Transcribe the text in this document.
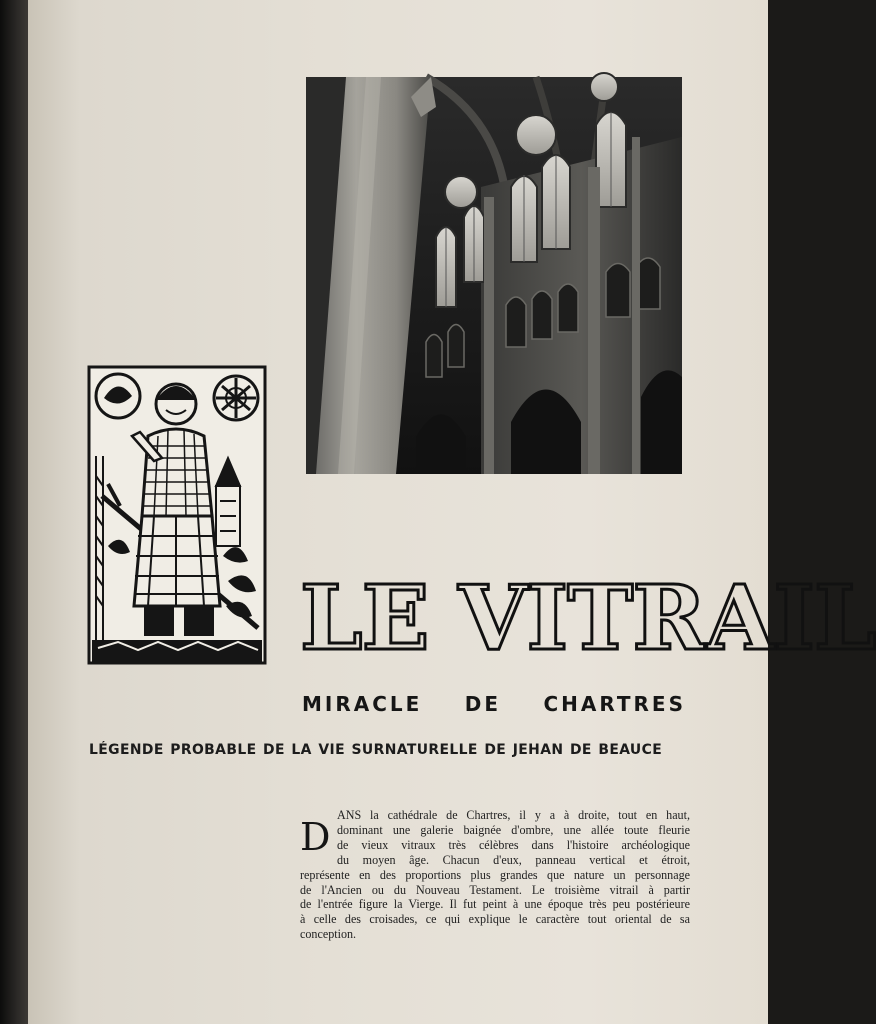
LE VITRAIL
MIRACLE DE CHARTRES

LÉGENDE PROBABLE DE LA VIE SURNATURELLE DE JEHAN DE BEAUCE

D ANS la cathédrale de Chartres, il y a à droite, tout en haut,
dominant une galerie baignée d'ombre, une allée toute fleurie
de vieux vitraux très célèbres dans l'histoire archéologique
du moyen âge. Chacun d'eux, panneau vertical et étroit,
représente en des proportions plus grandes que nature un personnage
de l'Ancien ou du Nouveau Testament. Le troisième vitrail à partir
de l'entrée figure la Vierge. Il fut peint à une époque très peu postérieure
à celle des croisades, ce qui explique le caractère tout oriental de sa
conception.
